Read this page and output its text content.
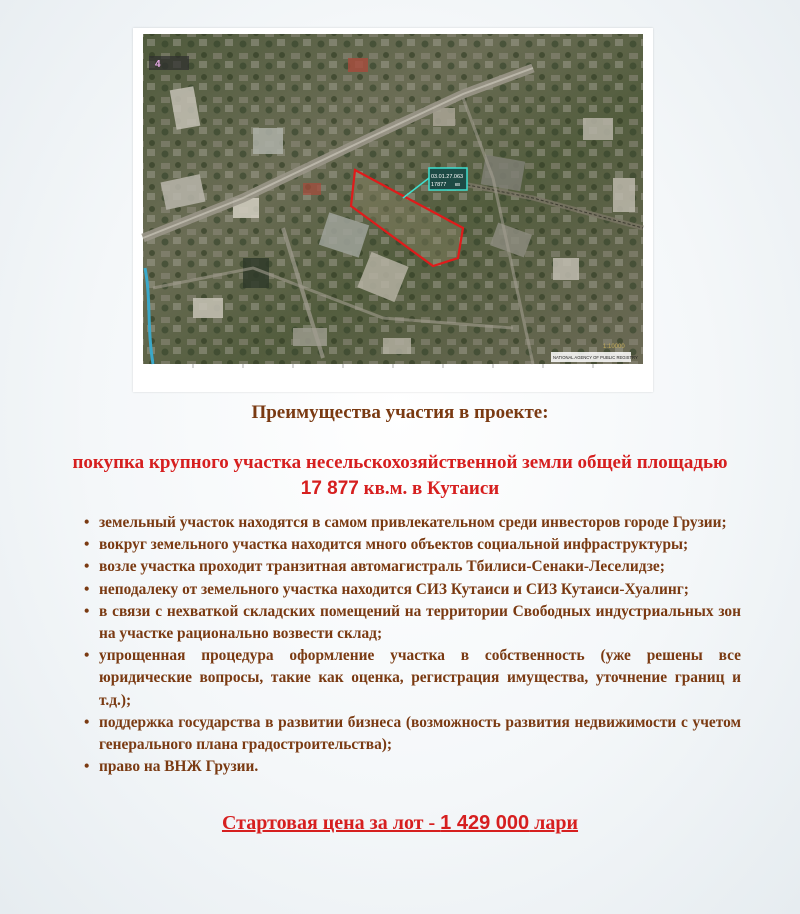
03.01.27.063
17877 кв
4
1:10000
NATIONAL AGENCY OF PUBLIC REGISTRY
Преимущества участия в проекте:
покупка крупного участка несельскохозяйственной земли общей площадью
17 877 кв.м. в Кутаиси
• земельный участок находятся в самом привлекательном среди инвесторов городе Грузии;
• вокруг земельного участка находится много объектов социальной инфраструктуры;
• возле участка проходит транзитная автомагистраль Тбилиси-Сенаки-Леселидзе;
• неподалеку от земельного участка находится СИЗ Кутаиси и СИЗ Кутаиси-Хуалинг;
• в связи с нехваткой складских помещений на территории Свободных индустриальных зон на участке рационально возвести склад;
• упрощенная процедура оформление участка в собственность (уже решены все юридические вопросы, такие как оценка, регистрация имущества, уточнение границ и т.д.);
• поддержка государства в развитии бизнеса (возможность развития недвижимости с учетом генерального плана градостроительства);
• право на ВНЖ Грузии.
Стартовая цена за лот - 1 429 000 лари
